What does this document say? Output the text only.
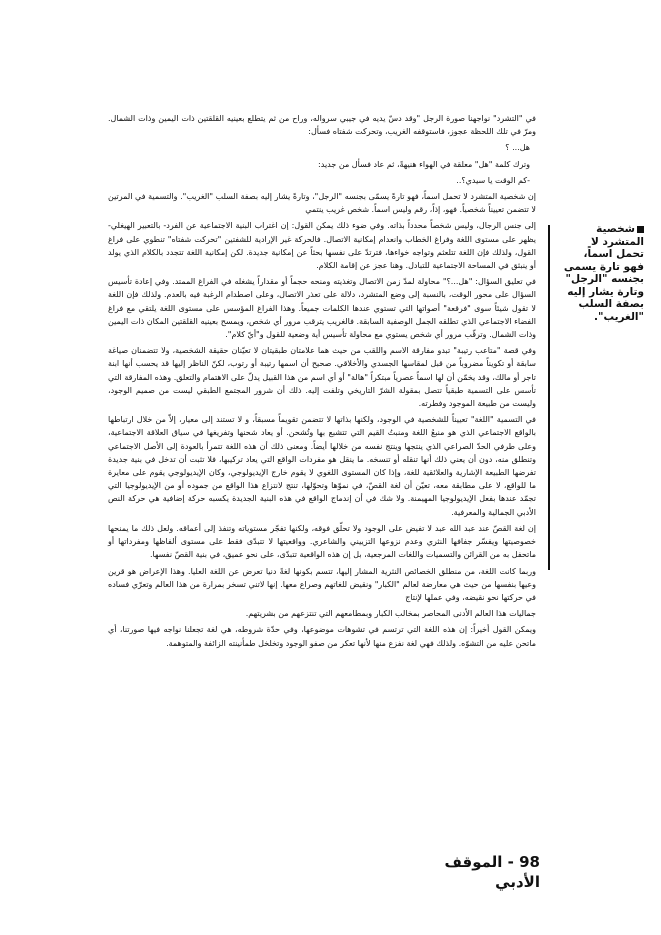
في "التشرد" نواجهنا صورة الرجل "وقد دسّ يديه في جيبي سرواله، وراح من ثم يتطلع بعينيه القلقتين ذات اليمين وذات الشمال. ومرّ في تلك اللحظة عجوز، فاستوقفه الغريب، وتحركت شفتاه فسأل:

هل... ؟

وترك كلمة "هل" معلقة في الهواء هنيهةً، ثم عاد فسأل من جديد:

-كم الوقت يا سيدي؟..

إن شخصية المتشرد لا تحمل اسماً، فهو تارةً يسمّى بجنسه "الرجل"، وتارةً يشار إليه بصفة السلب "الغريب". والتسمية في المرتين لا تتضمن تعييناً شخصياً. فهو، إذاً، رقم وليس اسماً. شخص غريب ينتمي

إلى جنس الرجال، وليس شخصاً محدداً بذاته. وفي ضوء ذلك يمكن القول: إن اغتراب البنية الاجتماعية عن الفرد- بالتعبير الهيغلي- يظهر على مستوى اللغة وفراغ الخطاب وانعدام إمكانية الاتصال. فالحركة غير الإرادية للشفتين "تحركت شفتاه" تنطوي على فراغ القول، ولذلك فإن اللغة تتلعثم وتواجه خواءها، فترتدّ على نفسها بحثاً عن إمكانية جديدة. لكن إمكانية اللغة تتجدد بالكلام الذي يولد أو ينبثق في المساحة الاجتماعية للتبادل. وهنا عجز عن إقامة الكلام.

في تعليق السؤال: "هل...؟" محاولة لمدّ زمن الاتصال وتغذيته ومنحه حجماً أو مقداراً يشغله في الفراغ الممتد. وفي إعادة تأسيس السؤال على محور الوقت، بالنسبة إلى وضع المتشرد، دلالة على تعذر الاتصال، وعلى اصطدام الرغبة فيه بالعدم. ولذلك فإن اللغة لا تقول شيئاً سوى "فرقعة" أصواتها التي تستوي عندها الكلمات جميعاً. وهذا الفراغ المؤسس على مستوى اللغة يلتقي مع فراغ الفضاء الاجتماعي الذي تطلقه الجمل الوصفية السابقة. فالغريب يترقب مرور أي شخص، ويمسح بعينيه القلقتين المكان ذات اليمين وذات الشمال. وترقّب مرور أي شخص يستوي مع محاولة تأسيس أية وضعية للقول و"أيّ كلام".

وفي قصة "متاعب رتيبة" تبدو مفارقة الاسم واللقب من حيث هما علامتان طبقيتان لا تعيّنان حقيقة الشخصية، ولا تتضمنان صياغة سابقة أو تكويناً مضروباً من قبل لمقاسها الجسدي والأخلاقي. صحيح أن اسمها رتيبة أو رتوب، لكنّ الناظر إليها قد يحسب أنها ابنة تاجر أو مالك، وقد يخمّن أن لها اسماً عصرياً مبتكراً "هالة" أو أي اسم من هذا القبيل يدلّ على الاهتمام والتعلق. وهذه المفارقة التي تأسس على التسمية طبقياً تتصل بمقولة الشرّ التاريخي وتلفت إليه. ذلك أن شرور المجتمع الطبقي ليست من صميم الوجود، وليست من طبيعة الموجود وفطرته.

في التسمية "اللغة" تعييناً للشخصية في الوجود، ولكنها بذاتها لا تتضمن تقويماً مسبقاً، و لا تستند إلى معيار، إلاّ من خلال ارتباطها بالواقع الاجتماعي الذي هو منبعُ اللغة ومنبتُ القيم التي تتشبع بها وتُشحن. أو يعاد شحنها وتفريغها في سياق العلاقة الاجتماعية، وعلى طرفي الحدّ الصراعي الذي ينتجها وينتج نفسه من خلالها أيضاً. ومعنى ذلك أن هذه اللغة تتمرأ بالعودة إلى الأصل الاجتماعي وتنطلق منه، دون أن يعني ذلك أنها تنقله أو تنسخه. ما ينقل هو مفردات الواقع التي يعاد تركيبها، فلا تثبت أن تدخل في بنية جديدة تفرضها الطبيعة الإشارية والعلائقية للغة، وإذا كان المستوى اللغوي لا يقوم خارج الإيديولوجي، وكان الإيديولوجي يقوم على معايرة ما للواقع، لا على مطابقة معه، تعيّن أن لغة القصّ، في نموّها وتحوّلها، تنتج لانتزاع هذا الواقع من جموده أو من الإيديولوجيا التي تجمّد عندها بفعل الإيديولوجيا المهيمنة. ولا شك في أن إندماج الواقع في هذه البنية الجديدة يكسبه حركة إضافية هي حركة النص الأدبي الجمالية والمعرفية.

إن لغة القصّ عند عبد الله عبد لا تفيض على الوجود ولا تحلّق فوقه، ولكنها تفجّر مستوياته وتنفذ إلى أعماقه. ولعل ذلك ما يمنحها خصوصيتها ويفسّر جفافها النثري وعدم نزوعها التزييني والشاعري. وواقعيتها لا تتبدّى فقط على مستوى ألفاظها ومفرداتها أو ماتحفل به من القرائن والتسميات واللغات المرجعية، بل إن هذه الواقعية تتبدّى، على نحو عميق، في بنية القصّ نفسها.

وربما كانت اللغة، من منطلق الخصائص النثرية المشار إليها، تتسم بكونها لغةً دنيا تعرض عن اللغة العليا. وهذا الإعراض هو قرين وعيها بنفسها من حيث هي معارضة لعالم "الكبار" ونقيض للغاتهم وصراع معها. إنها لاتني تسخر بمرارة من هذا العالم وتعرّي فساده في حركتها نحو نقيضه، وفي عملها لإنتاج

جماليات هذا العالم الأدنى المحاصر بمخالب الكبار وبمطامعهم التي تنتزعهم من بشريتهم.

ويمكن القول أخيراً: إن هذه اللغة التي ترتسم في تشوهات موضوعها، وفي حدّة شروطه، هي لغة تجعلنا نواجه فيها صورتنا، أي ماتحن عليه من التشوّه. ولذلك فهي لغة نفزع منها لأنها تعكر من صفو الوجود وتخلخل طمأنينته الزائفة والمتوهمة.

شخصية المتشرد لا تحمل اسماً، فهو تارة يسمى بجنسه "الرجل" وتارة يشار إليه بصفة السلب "الغريب".
98 - الموقف الأدبي
